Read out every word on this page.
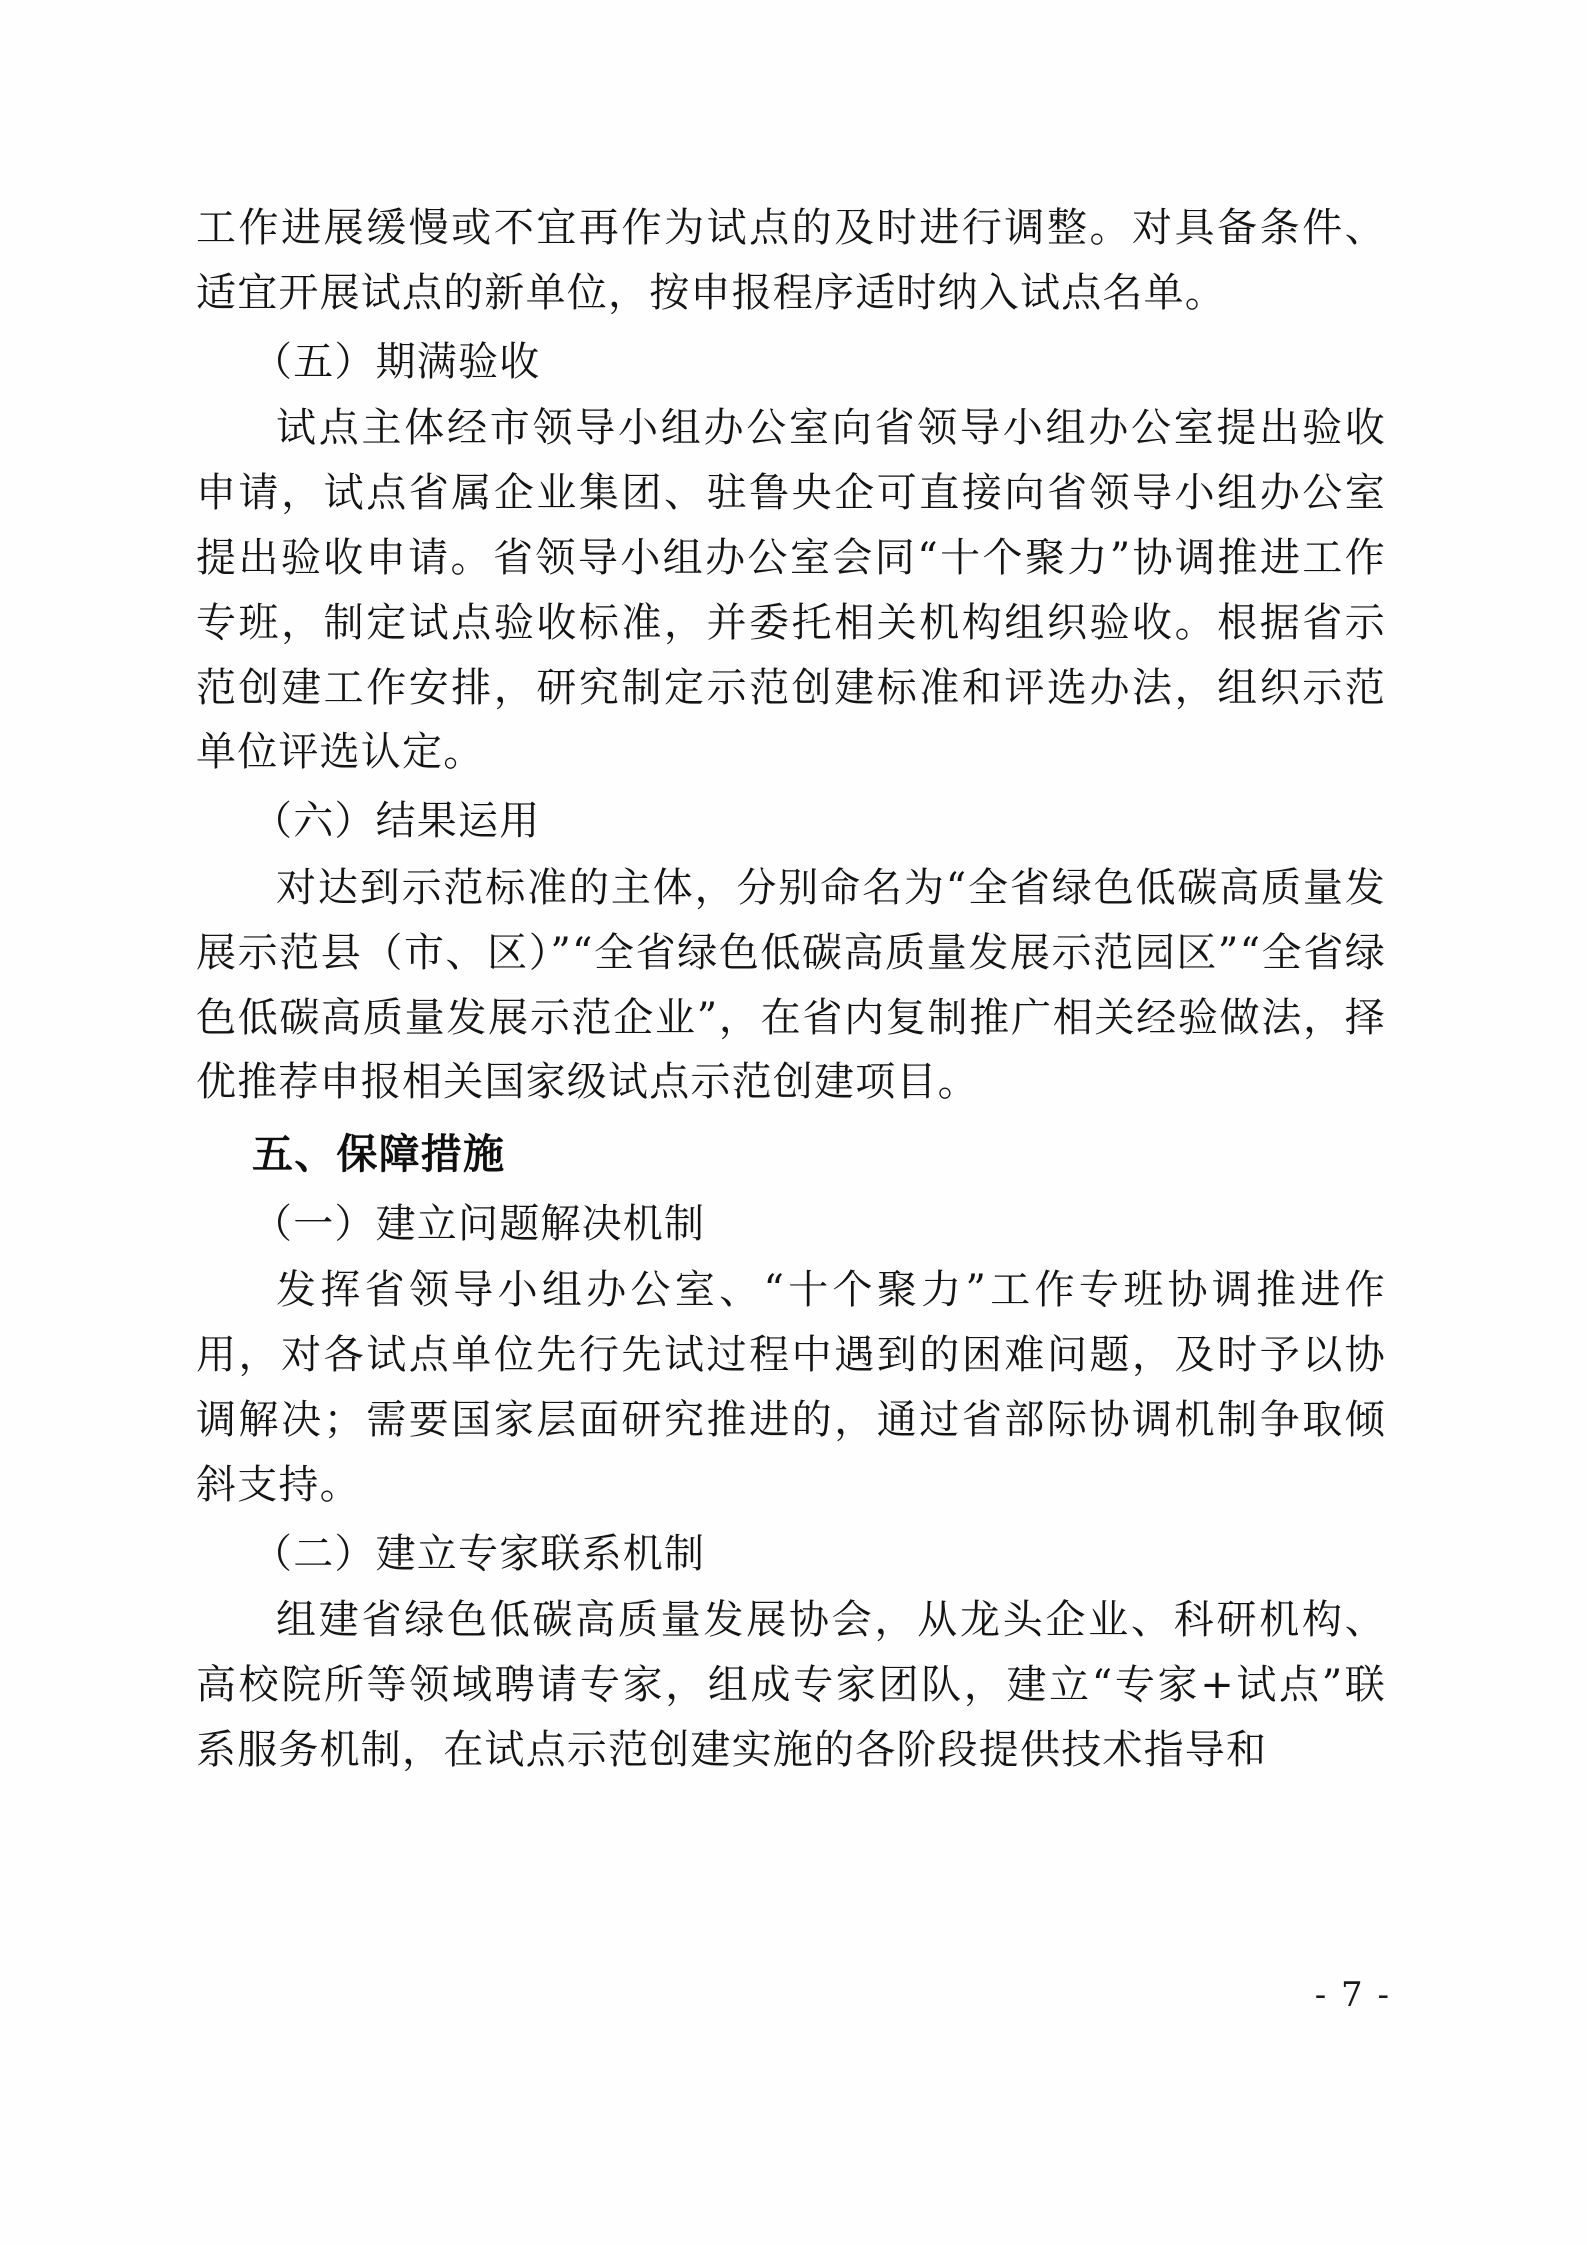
工作进展缓慢或不宜再作为试点的及时进行调整。对具备条件、适宜开展试点的新单位，按申报程序适时纳入试点名单。

（五）期满验收

试点主体经市领导小组办公室向省领导小组办公室提出验收申请，试点省属企业集团、驻鲁央企可直接向省领导小组办公室提出验收申请。省领导小组办公室会同“十个聚力”协调推进工作专班，制定试点验收标准，并委托相关机构组织验收。根据省示范创建工作安排，研究制定示范创建标准和评选办法，组织示范单位评选认定。

（六）结果运用

对达到示范标准的主体，分别命名为“全省绿色低碳高质量发展示范县（市、区）”“全省绿色低碳高质量发展示范园区”“全省绿色低碳高质量发展示范企业”，在省内复制推广相关经验做法，择优推荐申报相关国家级试点示范创建项目。

五、保障措施

（一）建立问题解决机制

发挥省领导小组办公室、“十个聚力”工作专班协调推进作用，对各试点单位先行先试过程中遇到的困难问题，及时予以协调解决；需要国家层面研究推进的，通过省部际协调机制争取倾斜支持。

（二）建立专家联系机制

组建省绿色低碳高质量发展协会，从龙头企业、科研机构、高校院所等领域聘请专家，组成专家团队，建立“专家+试点”联系服务机制，在试点示范创建实施的各阶段提供技术指导和

- 7 -
